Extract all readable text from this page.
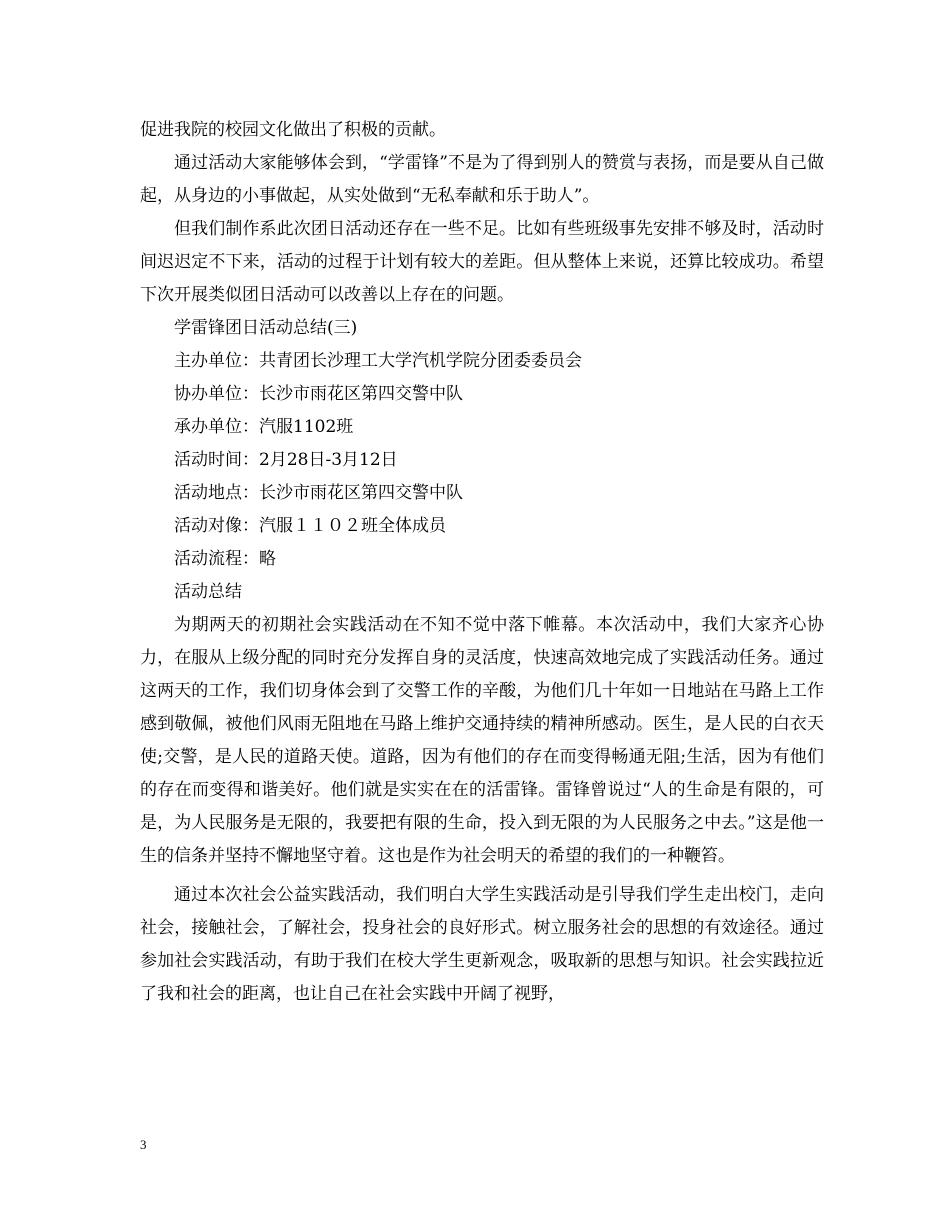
促进我院的校园文化做出了积极的贡献。

通过活动大家能够体会到，“学雷锋”不是为了得到别人的赞赏与表扬，而是要从自己做起，从身边的小事做起，从实处做到“无私奉献和乐于助人”。

但我们制作系此次团日活动还存在一些不足。比如有些班级事先安排不够及时，活动时间迟迟定不下来，活动的过程于计划有较大的差距。但从整体上来说，还算比较成功。希望下次开展类似团日活动可以改善以上存在的问题。

学雷锋团日活动总结(三)

主办单位：共青团长沙理工大学汽机学院分团委委员会

协办单位：长沙市雨花区第四交警中队

承办单位：汽服1102班

活动时间：2月28日-3月12日

活动地点：长沙市雨花区第四交警中队

活动对像：汽服１１０２班全体成员

活动流程：略

活动总结

为期两天的初期社会实践活动在不知不觉中落下帷幕。本次活动中，我们大家齐心协力，在服从上级分配的同时充分发挥自身的灵活度，快速高效地完成了实践活动任务。通过这两天的工作，我们切身体会到了交警工作的辛酸，为他们几十年如一日地站在马路上工作感到敬佩，被他们风雨无阻地在马路上维护交通持续的精神所感动。医生，是人民的白衣天使;交警，是人民的道路天使。道路，因为有他们的存在而变得畅通无阻;生活，因为有他们的存在而变得和谐美好。他们就是实实在在的活雷锋。雷锋曾说过“人的生命是有限的，可是，为人民服务是无限的，我要把有限的生命，投入到无限的为人民服务之中去。”这是他一生的信条并坚持不懈地坚守着。这也是作为社会明天的希望的我们的一种鞭笞。

通过本次社会公益实践活动，我们明白大学生实践活动是引导我们学生走出校门，走向社会，接触社会，了解社会，投身社会的良好形式。树立服务社会的思想的有效途径。通过参加社会实践活动，有助于我们在校大学生更新观念，吸取新的思想与知识。社会实践拉近了我和社会的距离，也让自己在社会实践中开阔了视野，

3
